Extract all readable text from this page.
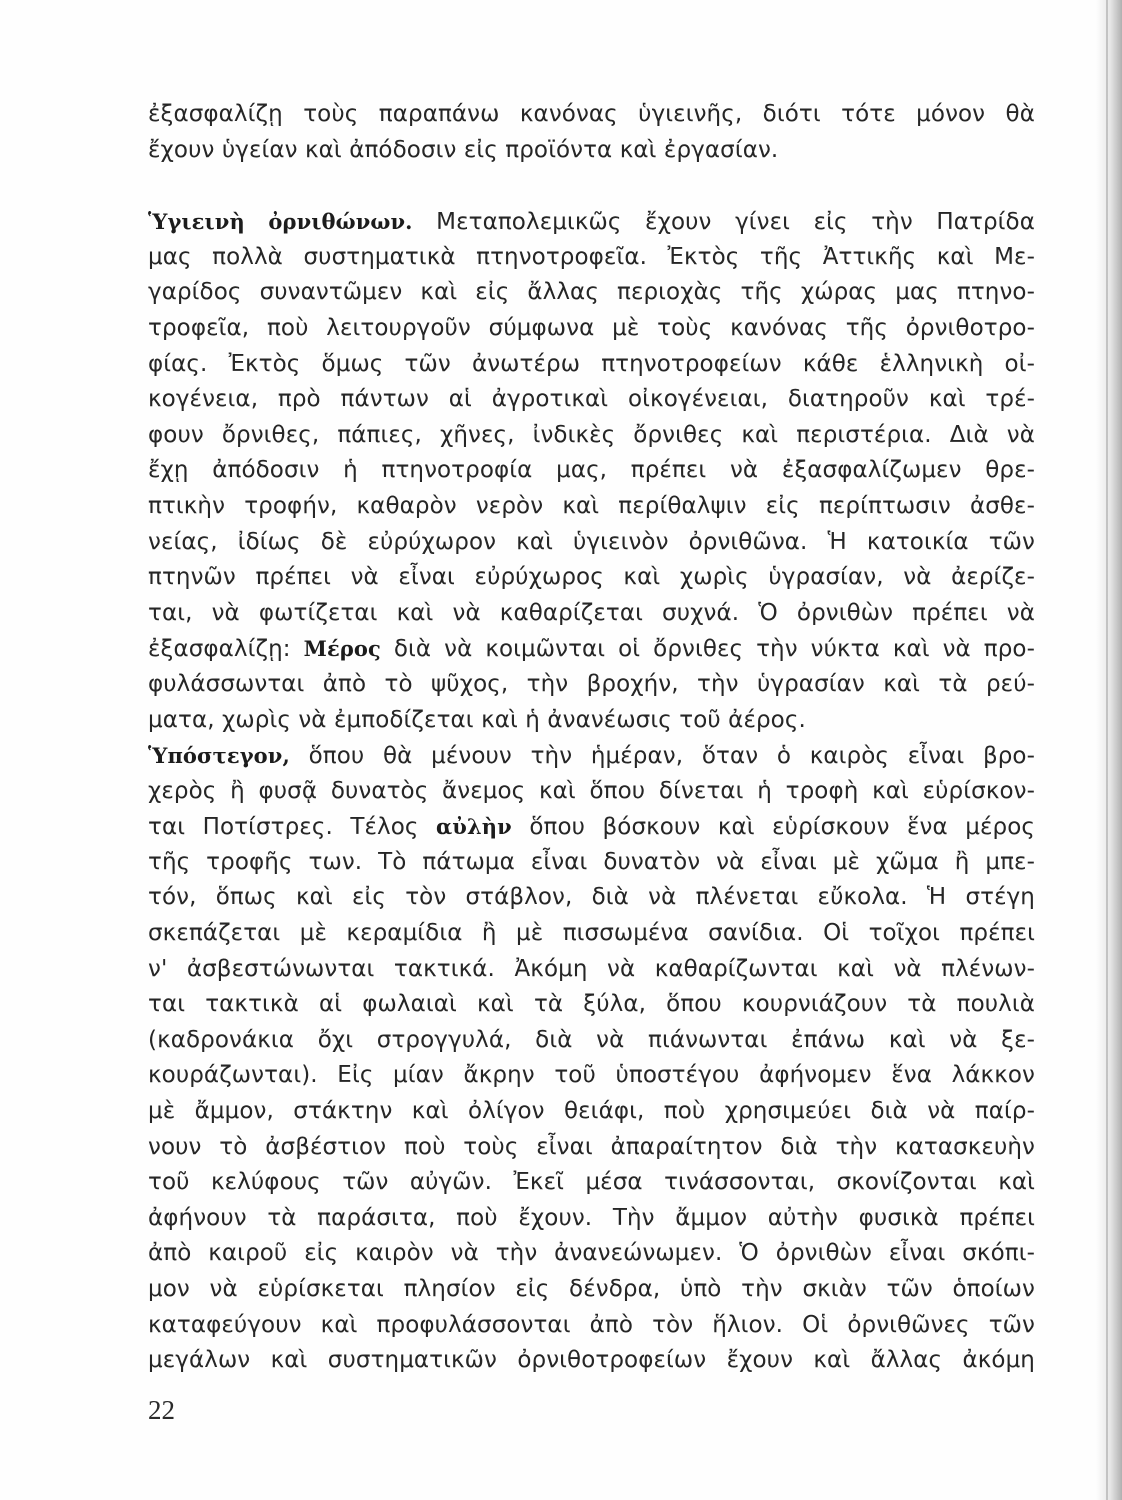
ἐξασφαλίζῃ τοὺς παραπάνω κανόνας ὑγιεινῆς, διότι τότε μόνον θὰ
ἔχουν ὑγείαν καὶ ἀπόδοσιν εἰς προϊόντα καὶ ἐργασίαν.
Ὑγιεινὴ ὀρνιθώνων. Μεταπολεμικῶς ἔχουν γίνει εἰς τὴν Πατρίδα
μας πολλὰ συστηματικὰ πτηνοτροφεῖα. Ἐκτὸς τῆς Ἀττικῆς καὶ Με-
γαρίδος συναντῶμεν καὶ εἰς ἄλλας περιοχὰς τῆς χώρας μας πτηνο-
τροφεῖα, ποὺ λειτουργοῦν σύμφωνα μὲ τοὺς κανόνας τῆς ὀρνιθοτρο-
φίας. Ἐκτὸς ὅμως τῶν ἀνωτέρω πτηνοτροφείων κάθε ἑλληνικὴ οἰ-
κογένεια, πρὸ πάντων αἱ ἀγροτικαὶ οἰκογένειαι, διατηροῦν καὶ τρέ-
φουν ὄρνιθες, πάπιες, χῆνες, ἰνδικὲς ὄρνιθες καὶ περιστέρια. Διὰ νὰ
ἔχῃ ἀπόδοσιν ἡ πτηνοτροφία μας, πρέπει νὰ ἐξασφαλίζωμεν θρε-
πτικὴν τροφήν, καθαρὸν νερὸν καὶ περίθαλψιν εἰς περίπτωσιν ἀσθε-
νείας, ἰδίως δὲ εὐρύχωρον καὶ ὑγιεινὸν ὀρνιθῶνα. Ἡ κατοικία τῶν
πτηνῶν πρέπει νὰ εἶναι εὐρύχωρος καὶ χωρὶς ὑγρασίαν, νὰ ἀερίζε-
ται, νὰ φωτίζεται καὶ νὰ καθαρίζεται συχνά. Ὁ ὀρνιθὼν πρέπει νὰ
ἐξασφαλίζῃ: Μέρος διὰ νὰ κοιμῶνται οἱ ὄρνιθες τὴν νύκτα καὶ νὰ προ-
φυλάσσωνται ἀπὸ τὸ ψῦχος, τὴν βροχήν, τὴν ὑγρασίαν καὶ τὰ ρεύ-
ματα, χωρὶς νὰ ἐμποδίζεται καὶ ἡ ἀνανέωσις τοῦ ἀέρος.
Ὑπόστεγον, ὅπου θὰ μένουν τὴν ἡμέραν, ὅταν ὁ καιρὸς εἶναι βρο-
χερὸς ἢ φυσᾷ δυνατὸς ἄνεμος καὶ ὅπου δίνεται ἡ τροφὴ καὶ εὑρίσκον-
ται Ποτίστρες. Τέλος αὐλὴν ὅπου βόσκουν καὶ εὑρίσκουν ἕνα μέρος
τῆς τροφῆς των. Τὸ πάτωμα εἶναι δυνατὸν νὰ εἶναι μὲ χῶμα ἢ μπε-
τόν, ὅπως καὶ εἰς τὸν στάβλον, διὰ νὰ πλένεται εὔκολα. Ἡ στέγη
σκεπάζεται μὲ κεραμίδια ἢ μὲ πισσωμένα σανίδια. Οἱ τοῖχοι πρέπει
ν' ἀσβεστώνωνται τακτικά. Ἀκόμη νὰ καθαρίζωνται καὶ νὰ πλένων-
ται τακτικὰ αἱ φωλαιαὶ καὶ τὰ ξύλα, ὅπου κουρνιάζουν τὰ πουλιὰ
(καδρονάκια ὄχι στρογγυλά, διὰ νὰ πιάνωνται ἐπάνω καὶ νὰ ξε-
κουράζωνται). Εἰς μίαν ἄκρην τοῦ ὑποστέγου ἀφήνομεν ἕνα λάκκον
μὲ ἄμμον, στάκτην καὶ ὀλίγον θειάφι, ποὺ χρησιμεύει διὰ νὰ παίρ-
νουν τὸ ἀσβέστιον ποὺ τοὺς εἶναι ἀπαραίτητον διὰ τὴν κατασκευὴν
τοῦ κελύφους τῶν αὐγῶν. Ἐκεῖ μέσα τινάσσονται, σκονίζονται καὶ
ἀφήνουν τὰ παράσιτα, ποὺ ἔχουν. Τὴν ἄμμον αὐτὴν φυσικὰ πρέπει
ἀπὸ καιροῦ εἰς καιρὸν νὰ τὴν ἀνανεώνωμεν. Ὁ ὀρνιθὼν εἶναι σκόπι-
μον νὰ εὑρίσκεται πλησίον εἰς δένδρα, ὑπὸ τὴν σκιὰν τῶν ὁποίων
καταφεύγουν καὶ προφυλάσσονται ἀπὸ τὸν ἥλιον. Οἱ ὀρνιθῶνες τῶν
μεγάλων καὶ συστηματικῶν ὀρνιθοτροφείων ἔχουν καὶ ἄλλας ἀκόμη
22
